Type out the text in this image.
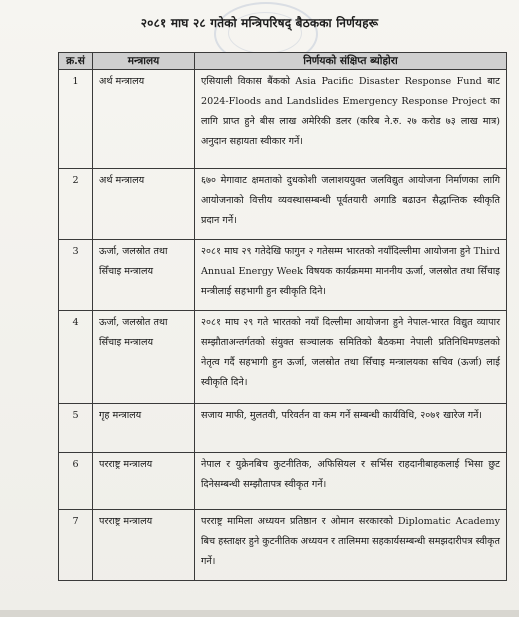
२०८१ माघ २८ गतेको मन्त्रिपरिषद् बैठकका निर्णयहरू
क्र.सं	मन्त्रालय	निर्णयको संक्षिप्त ब्योहोरा
1	अर्थ मन्त्रालय	एसियाली विकास बैंकको Asia Pacific Disaster Response Fund बाट 2024-Floods and Landslides Emergency Response Project का लागि प्राप्त हुने बीस लाख अमेरिकी डलर (करिब ने.रु. २७ करोड ७३ लाख मात्र) अनुदान सहायता स्वीकार गर्ने।
2	अर्थ मन्त्रालय	६७० मेगावाट क्षमताको दुधकोशी जलाशययुक्त जलविद्युत आयोजना निर्माणका लागि आयोजनाको वित्तीय व्यवस्थासम्बन्धी पूर्वतयारी अगाडि बढाउन सैद्धान्तिक स्वीकृति प्रदान गर्ने।
3	ऊर्जा, जलस्रोत तथा सिँचाइ मन्त्रालय	२०८१ माघ २९ गतेदेखि फागुन २ गतेसम्म भारतको नयाँदिल्लीमा आयोजना हुने Third Annual Energy Week विषयक कार्यक्रममा माननीय ऊर्जा, जलस्रोत तथा सिँचाइ मन्त्रीलाई सहभागी हुन स्वीकृति दिने।
4	ऊर्जा, जलस्रोत तथा सिँचाइ मन्त्रालय	२०८१ माघ २९ गते भारतको नयाँ दिल्लीमा आयोजना हुने नेपाल-भारत विद्युत व्यापार सम्झौताअन्तर्गतको संयुक्त सञ्चालक समितिको बैठकमा नेपाली प्रतिनिधिमण्डलको नेतृत्व गर्दै सहभागी हुन ऊर्जा, जलस्रोत तथा सिँचाइ मन्त्रालयका सचिव (ऊर्जा) लाई स्वीकृति दिने।
5	गृह मन्त्रालय	सजाय माफी, मुलतवी, परिवर्तन वा कम गर्ने सम्बन्धी कार्यविधि, २०७१ खारेज गर्ने।
6	परराष्ट्र मन्त्रालय	नेपाल र युक्रेनबिच कुटनीतिक, अफिसियल र सर्भिस राहदानीबाहकलाई भिसा छुट दिनेसम्बन्धी सम्झौतापत्र स्वीकृत गर्ने।
7	परराष्ट्र मन्त्रालय	परराष्ट्र मामिला अध्ययन प्रतिष्ठान र ओमान सरकारको Diplomatic Academy बिच हस्ताक्षर हुने कुटनीतिक अध्ययन र तालिममा सहकार्यसम्बन्धी समझदारीपत्र स्वीकृत गर्ने।
